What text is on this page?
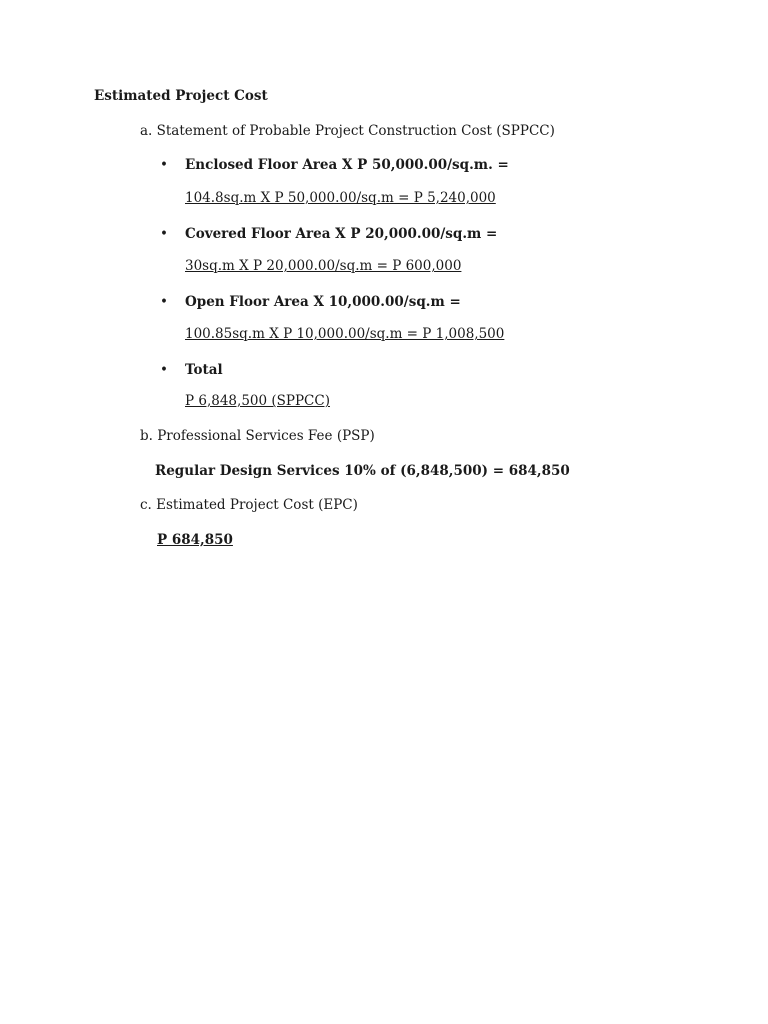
Estimated Project Cost
a. Statement of Probable Project Construction Cost (SPPCC)
• Enclosed Floor Area X P 50,000.00/sq.m. =
104.8sq.m X P 50,000.00/sq.m = P 5,240,000
• Covered Floor Area X P 20,000.00/sq.m =
30sq.m X P 20,000.00/sq.m = P 600,000
• Open Floor Area X 10,000.00/sq.m =
100.85sq.m X P 10,000.00/sq.m = P 1,008,500
• Total
P 6,848,500 (SPPCC)
b. Professional Services Fee (PSP)
Regular Design Services 10% of (6,848,500) = 684,850
c. Estimated Project Cost (EPC)
P 684,850
